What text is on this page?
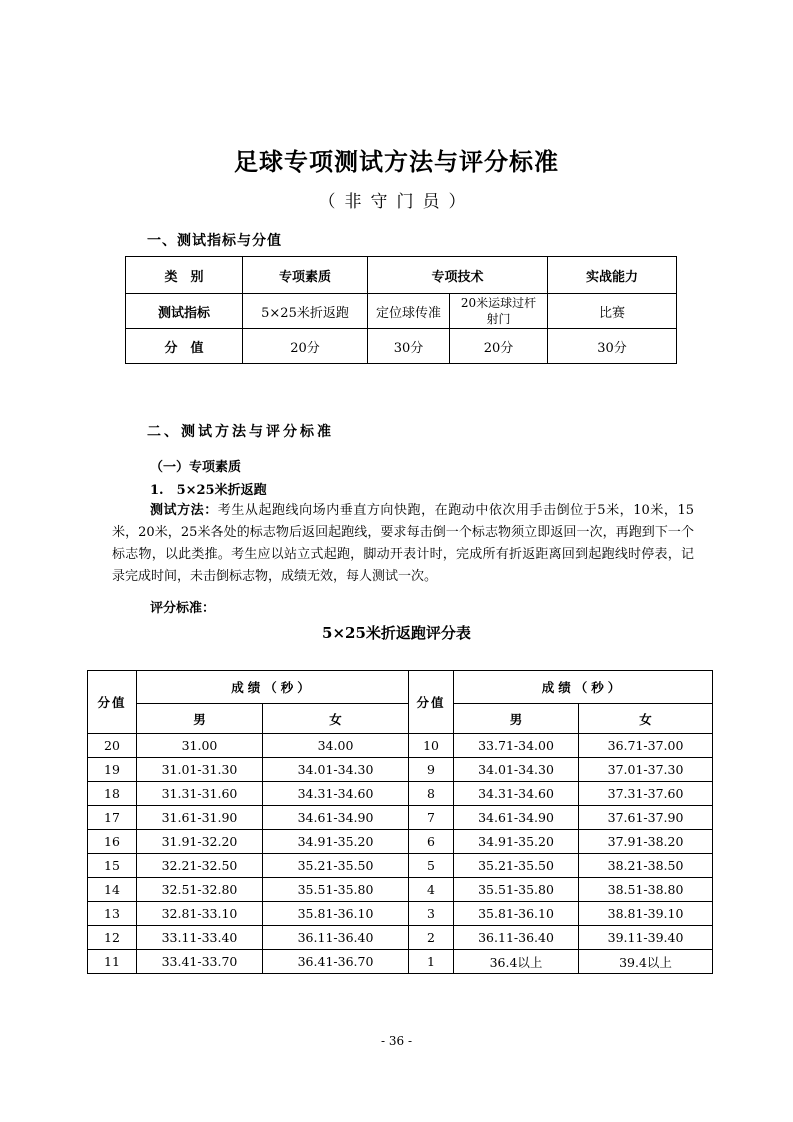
足球专项测试方法与评分标准
（非守门员）
一、测试指标与分值
类　别	专项素质	专项技术		实战能力
测试指标	5×25米折返跑	定位球传准	20米运球过杆射门	比赛
分　值	20分	30分	20分	30分
二、测试方法与评分标准
（一）专项素质
1.　5×25米折返跑
测试方法：考生从起跑线向场内垂直方向快跑，在跑动中依次用手击倒位于5米，10米，15米，20米，25米各处的标志物后返回起跑线，要求每击倒一个标志物须立即返回一次，再跑到下一个标志物，以此类推。考生应以站立式起跑，脚动开表计时，完成所有折返距离回到起跑线时停表，记录完成时间，未击倒标志物，成绩无效，每人测试一次。
评分标准：
5×25米折返跑评分表
分值	成绩（秒）		分值	成绩（秒）	
	男	女		男	女
20	31.00	34.00	10	33.71-34.00	36.71-37.00
19	31.01-31.30	34.01-34.30	9	34.01-34.30	37.01-37.30
18	31.31-31.60	34.31-34.60	8	34.31-34.60	37.31-37.60
17	31.61-31.90	34.61-34.90	7	34.61-34.90	37.61-37.90
16	31.91-32.20	34.91-35.20	6	34.91-35.20	37.91-38.20
15	32.21-32.50	35.21-35.50	5	35.21-35.50	38.21-38.50
14	32.51-32.80	35.51-35.80	4	35.51-35.80	38.51-38.80
13	32.81-33.10	35.81-36.10	3	35.81-36.10	38.81-39.10
12	33.11-33.40	36.11-36.40	2	36.11-36.40	39.11-39.40
11	33.41-33.70	36.41-36.70	1	36.4以上	39.4以上
- 36 -
